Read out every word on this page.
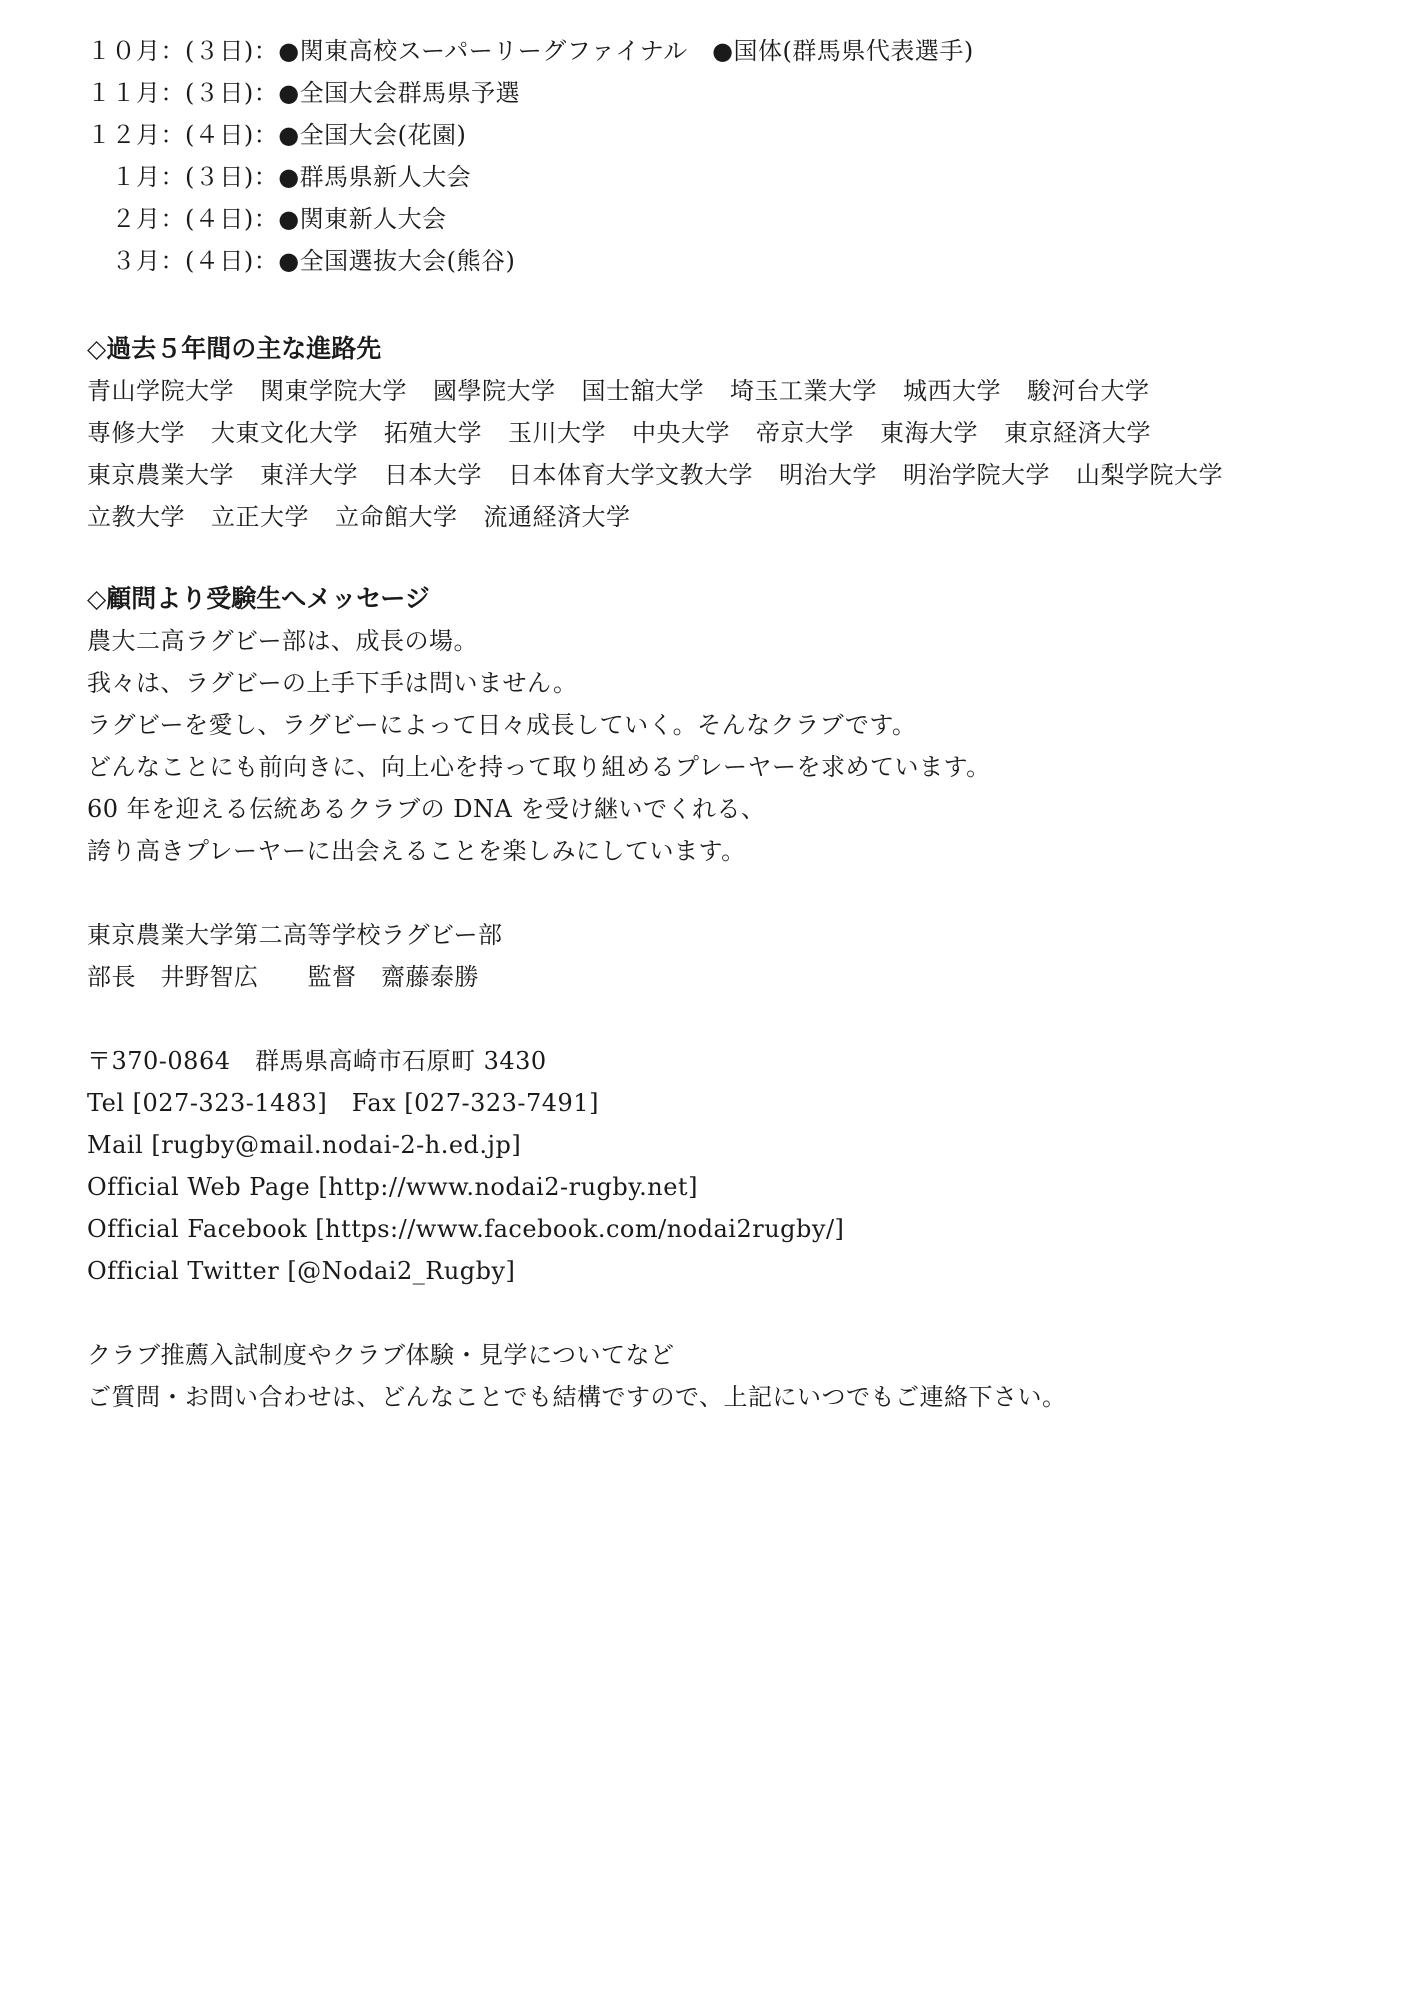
１０月：(３日)：●関東高校スーパーリーグファイナル　●国体(群馬県代表選手)
１１月：(３日)：●全国大会群馬県予選
１２月：(４日)：●全国大会(花園)
　１月：(３日)：●群馬県新人大会
　２月：(４日)：●関東新人大会
　３月：(４日)：●全国選抜大会(熊谷)
◇過去５年間の主な進路先
青山学院大学 関東学院大学 國學院大学 国士舘大学 埼玉工業大学 城西大学 駿河台大学
専修大学 大東文化大学 拓殖大学 玉川大学 中央大学 帝京大学 東海大学 東京経済大学
東京農業大学 東洋大学 日本大学 日本体育大学文教大学 明治大学 明治学院大学 山梨学院大学
立教大学 立正大学 立命館大学 流通経済大学
◇顧問より受験生へメッセージ
農大二高ラグビー部は、成長の場。
我々は、ラグビーの上手下手は問いません。
ラグビーを愛し、ラグビーによって日々成長していく。そんなクラブです。
どんなことにも前向きに、向上心を持って取り組めるプレーヤーを求めています。
60 年を迎える伝統あるクラブの DNA を受け継いでくれる、
誇り高きプレーヤーに出会えることを楽しみにしています。
東京農業大学第二高等学校ラグビー部
部長　井野智広　　監督　齋藤泰勝
〒370-0864　群馬県高崎市石原町 3430
Tel [027-323-1483]　Fax [027-323-7491]
Mail [rugby@mail.nodai-2-h.ed.jp]
Official Web Page [http://www.nodai2-rugby.net]
Official Facebook [https://www.facebook.com/nodai2rugby/]
Official Twitter [@Nodai2_Rugby]
クラブ推薦入試制度やクラブ体験・見学についてなど
ご質問・お問い合わせは、どんなことでも結構ですので、上記にいつでもご連絡下さい。
